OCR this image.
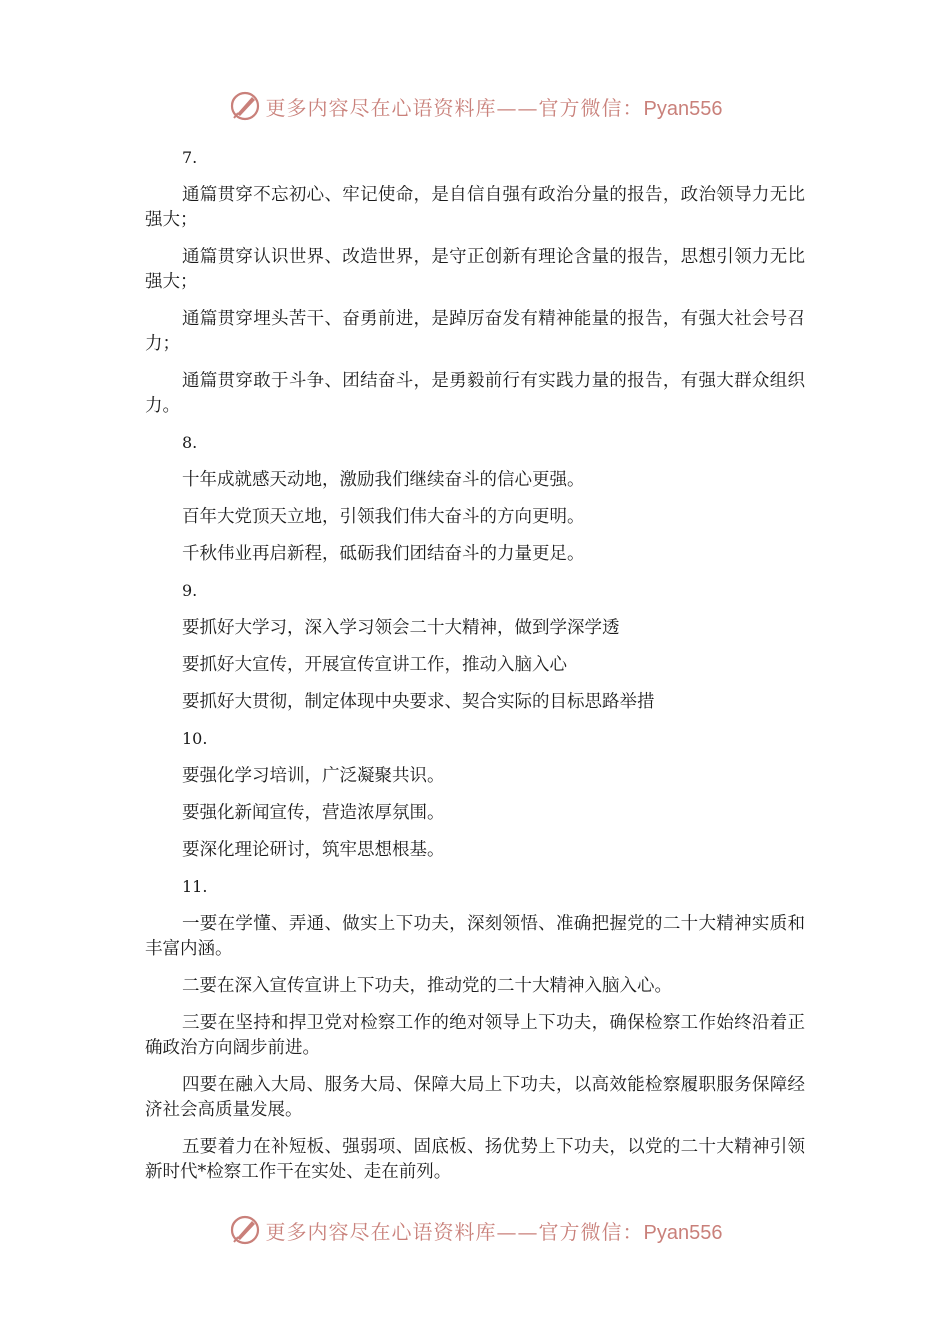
更多内容尽在心语资料库——官方微信：Pyan556
7.

通篇贯穿不忘初心、牢记使命，是自信自强有政治分量的报告，政治领导力无比强大；

通篇贯穿认识世界、改造世界，是守正创新有理论含量的报告，思想引领力无比强大；

通篇贯穿埋头苦干、奋勇前进，是踔厉奋发有精神能量的报告，有强大社会号召力；

通篇贯穿敢于斗争、团结奋斗，是勇毅前行有实践力量的报告，有强大群众组织力。

8.

十年成就感天动地，激励我们继续奋斗的信心更强。

百年大党顶天立地，引领我们伟大奋斗的方向更明。

千秋伟业再启新程，砥砺我们团结奋斗的力量更足。

9.

要抓好大学习，深入学习领会二十大精神，做到学深学透

要抓好大宣传，开展宣传宣讲工作，推动入脑入心

要抓好大贯彻，制定体现中央要求、契合实际的目标思路举措

10.

要强化学习培训，广泛凝聚共识。

要强化新闻宣传，营造浓厚氛围。

要深化理论研讨，筑牢思想根基。

11.

一要在学懂、弄通、做实上下功夫，深刻领悟、准确把握党的二十大精神实质和丰富内涵。

二要在深入宣传宣讲上下功夫，推动党的二十大精神入脑入心。

三要在坚持和捍卫党对检察工作的绝对领导上下功夫，确保检察工作始终沿着正确政治方向阔步前进。

四要在融入大局、服务大局、保障大局上下功夫，以高效能检察履职服务保障经济社会高质量发展。

五要着力在补短板、强弱项、固底板、扬优势上下功夫，以党的二十大精神引领新时代*检察工作干在实处、走在前列。

更多内容尽在心语资料库——官方微信：Pyan556
